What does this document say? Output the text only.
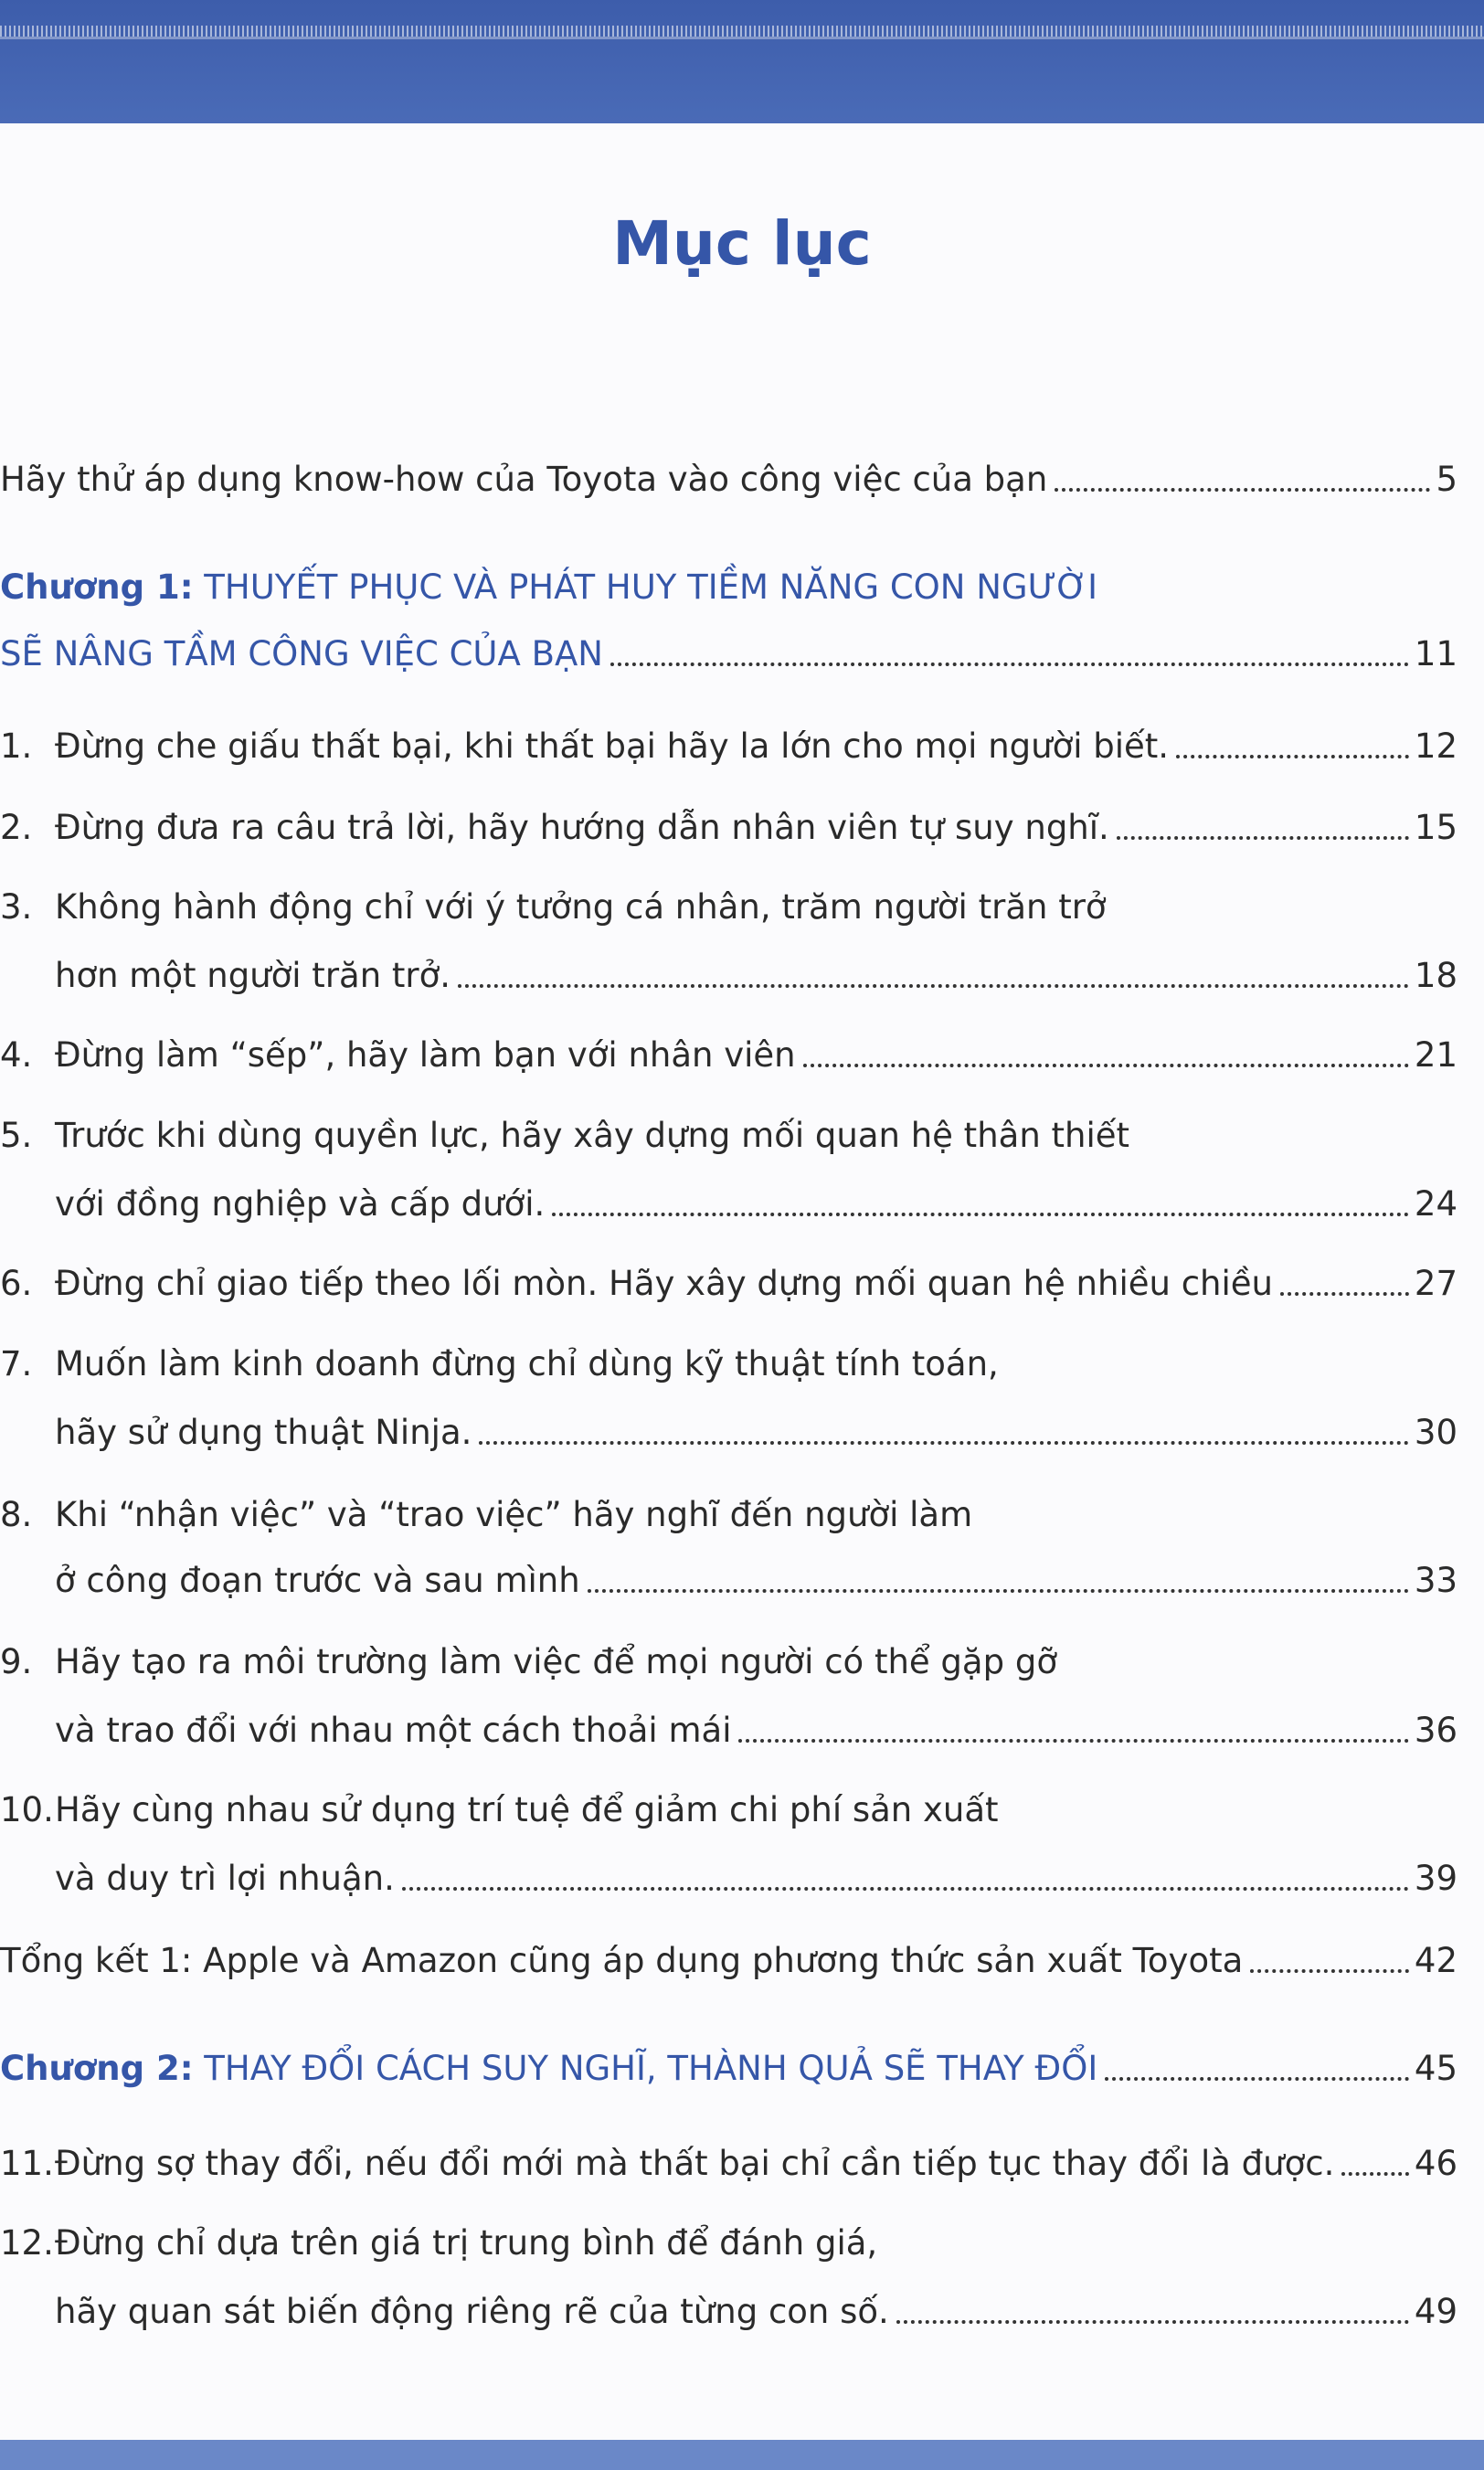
Mục lục
Hãy thử áp dụng know-how của Toyota vào công việc của bạn	5
Chương 1: THUYẾT PHỤC VÀ PHÁT HUY TIỀM NĂNG CON NGƯỜI
SẼ NÂNG TẦM CÔNG VIỆC CỦA BẠN	11
1. Đừng che giấu thất bại, khi thất bại hãy la lớn cho mọi người biết.	12
2. Đừng đưa ra câu trả lời, hãy hướng dẫn nhân viên tự suy nghĩ.	15
3. Không hành động chỉ với ý tưởng cá nhân, trăm người trăn trở
hơn một người trăn trở.	18
4. Đừng làm “sếp”, hãy làm bạn với nhân viên	21
5. Trước khi dùng quyền lực, hãy xây dựng mối quan hệ thân thiết
với đồng nghiệp và cấp dưới.	24
6. Đừng chỉ giao tiếp theo lối mòn. Hãy xây dựng mối quan hệ nhiều chiều	27
7. Muốn làm kinh doanh đừng chỉ dùng kỹ thuật tính toán,
hãy sử dụng thuật Ninja.	30
8. Khi “nhận việc” và “trao việc” hãy nghĩ đến người làm
ở công đoạn trước và sau mình	33
9. Hãy tạo ra môi trường làm việc để mọi người có thể gặp gỡ
và trao đổi với nhau một cách thoải mái	36
10. Hãy cùng nhau sử dụng trí tuệ để giảm chi phí sản xuất
và duy trì lợi nhuận.	39
Tổng kết 1: Apple và Amazon cũng áp dụng phương thức sản xuất Toyota	42
Chương 2: THAY ĐỔI CÁCH SUY NGHĨ, THÀNH QUẢ SẼ THAY ĐỔI	45
11. Đừng sợ thay đổi, nếu đổi mới mà thất bại chỉ cần tiếp tục thay đổi là được. 46
12. Đừng chỉ dựa trên giá trị trung bình để đánh giá,
hãy quan sát biến động riêng rẽ của từng con số.	49
